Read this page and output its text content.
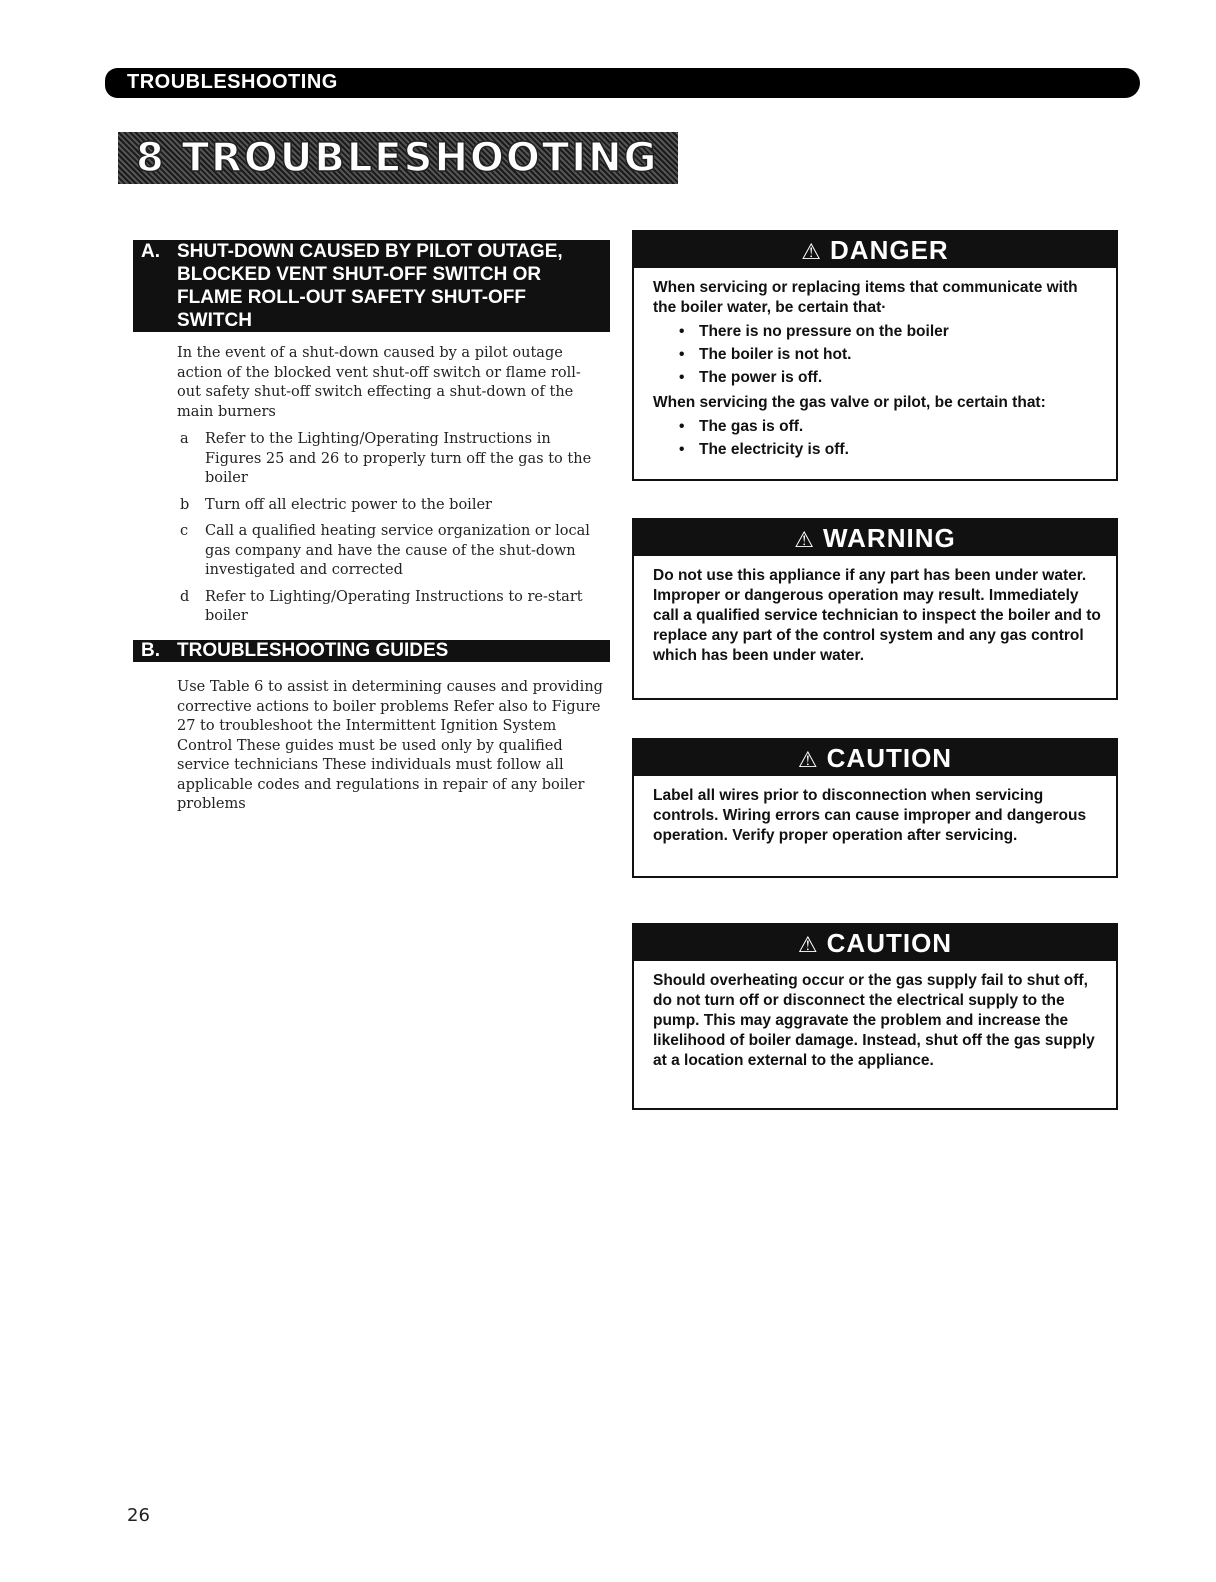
TROUBLESHOOTING
8 TROUBLESHOOTING
A. SHUT-DOWN CAUSED BY PILOT OUTAGE, BLOCKED VENT SHUT-OFF SWITCH OR FLAME ROLL-OUT SAFETY SHUT-OFF SWITCH
In the event of a shut-down caused by a pilot outage action of the blocked vent shut-off switch or flame roll-out safety shut-off switch effecting a shut-down of the main burners
a Refer to the Lighting/Operating Instructions in Figures 25 and 26 to properly turn off the gas to the boiler
b Turn off all electric power to the boiler
c Call a qualified heating service organization or local gas company and have the cause of the shut-down investigated and corrected
d Refer to Lighting/Operating Instructions to re-start boiler
B. TROUBLESHOOTING GUIDES
Use Table 6 to assist in determining causes and providing corrective actions to boiler problems Refer also to Figure 27 to troubleshoot the Intermittent Ignition System Control These guides must be used only by qualified service technicians These individuals must follow all applicable codes and regulations in repair of any boiler problems
⚠ DANGER
When servicing or replacing items that communicate with the boiler water, be certain that·
• There is no pressure on the boiler
• The boiler is not hot.
• The power is off.
When servicing the gas valve or pilot, be certain that:
• The gas is off.
• The electricity is off.
⚠ WARNING
Do not use this appliance if any part has been under water. Improper or dangerous operation may result. Immediately call a qualified service technician to inspect the boiler and to replace any part of the control system and any gas control which has been under water.
⚠ CAUTION
Label all wires prior to disconnection when servicing controls. Wiring errors can cause improper and dangerous operation. Verify proper operation after servicing.
⚠ CAUTION
Should overheating occur or the gas supply fail to shut off, do not turn off or disconnect the electrical supply to the pump. This may aggravate the problem and increase the likelihood of boiler damage. Instead, shut off the gas supply at a location external to the appliance.
26
